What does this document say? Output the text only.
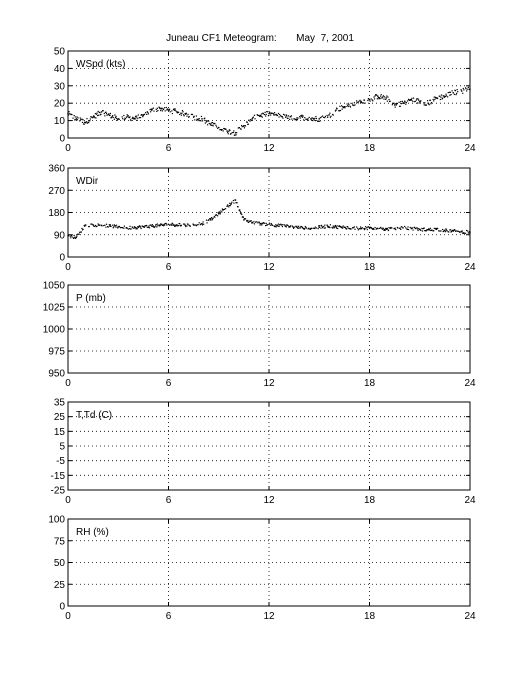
Juneau CF1 Meteogram:       May  7, 2001
0	6	12	18	24
0
10
20
30
40
50
WSpd (kts)
0	6	12	18	24
0
90
180
270
360
WDir
0	6	12	18	24
950
975
1000
1025
1050
P (mb)
0	6	12	18	24
-25
-15
-5
5
15
25
35
T,Td (C)
0	6	12	18	24
0
25
50
75
100
RH (%)
